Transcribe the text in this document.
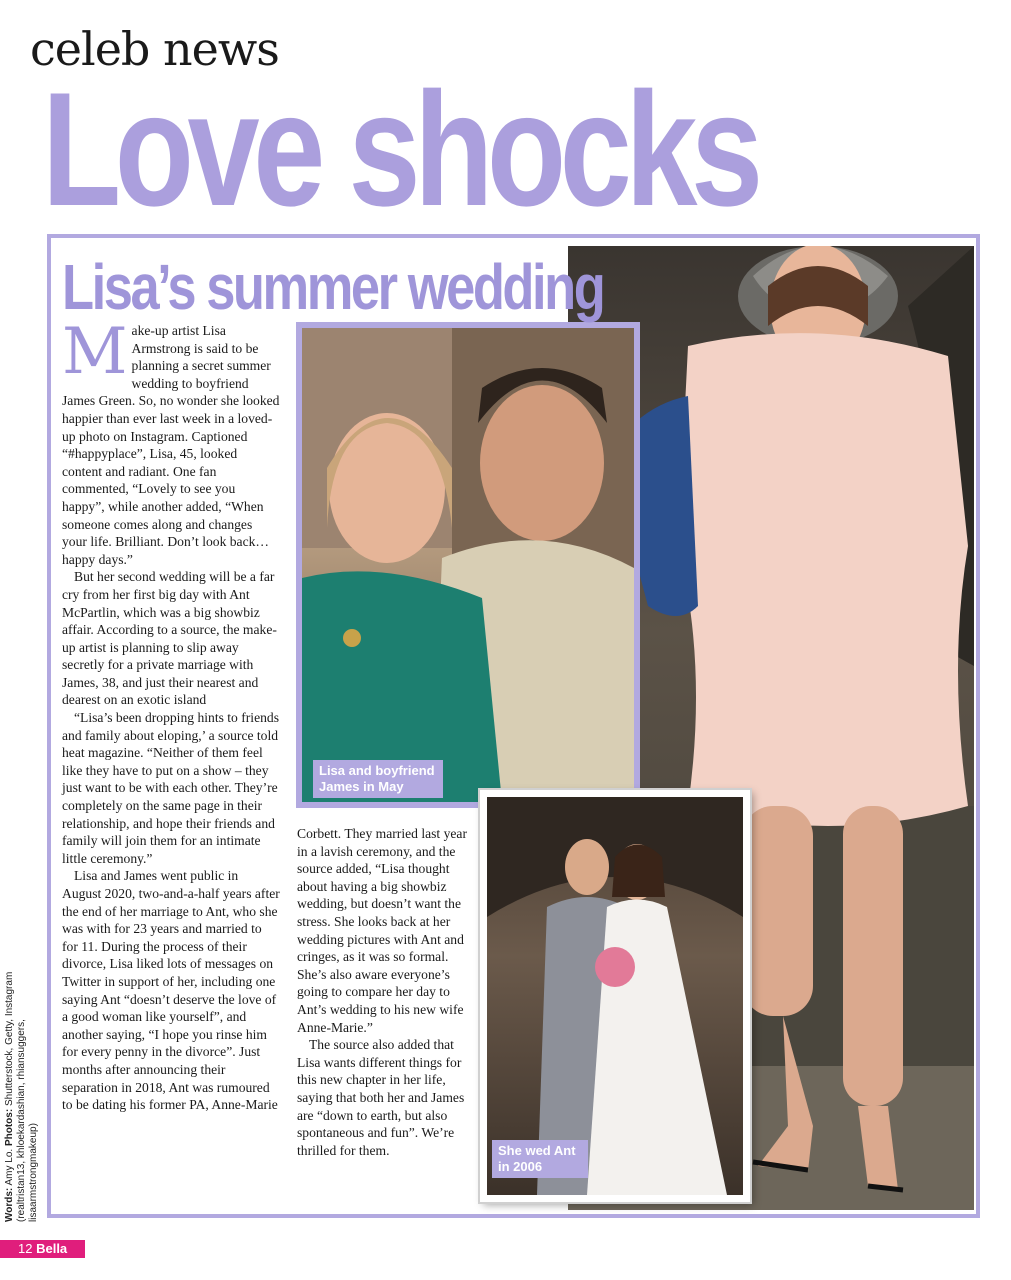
celeb news
Love shocks
Lisa and boyfriend James in May
She wed Ant in 2006
Lisa’s summer wedding
M ake-up artist Lisa Armstrong is said to be planning a secret summer wedding to boyfriend James Green. So, no wonder she looked happier than ever last week in a loved-up photo on Instagram. Captioned “#happyplace”, Lisa, 45, looked content and radiant. One fan commented, “Lovely to see you happy”, while another added, “When someone comes along and changes your life. Brilliant. Don’t look back… happy days.”

But her second wedding will be a far cry from her first big day with Ant McPartlin, which was a big showbiz affair. According to a source, the make-up artist is planning to slip away secretly for a private marriage with James, 38, and just their nearest and dearest on an exotic island

“Lisa’s been dropping hints to friends and family about eloping,’ a source told heat magazine. “Neither of them feel like they have to put on a show – they just want to be with each other. They’re completely on the same page in their relationship, and hope their friends and family will join them for an intimate little ceremony.”

Lisa and James went public in August 2020, two-and-a-half years after the end of her marriage to Ant, who she was with for 23 years and married to for 11. During the process of their divorce, Lisa liked lots of messages on Twitter in support of her, including one saying Ant “doesn’t deserve the love of a good woman like yourself”, and another saying, “I hope you rinse him for every penny in the divorce”. Just months after announcing their separation in 2018, Ant was rumoured to be dating his former PA, Anne-Marie

Corbett. They married last year in a lavish ceremony, and the source added, “Lisa thought about having a big showbiz wedding, but doesn’t want the stress. She looks back at her wedding pictures with Ant and cringes, as it was so formal. She’s also aware everyone’s going to compare her day to Ant’s wedding to his new wife Anne-Marie.”

The source also added that Lisa wants different things for this new chapter in her life, saying that both her and James are “down to earth, but also spontaneous and fun”. We’re thrilled for them.

Words: Amy Lo. Photos: Shutterstock, Getty, Instagram (realtristan13, khloekardashian, rhiansuggers, lisaarmstrongmakeup)
12 Bella
